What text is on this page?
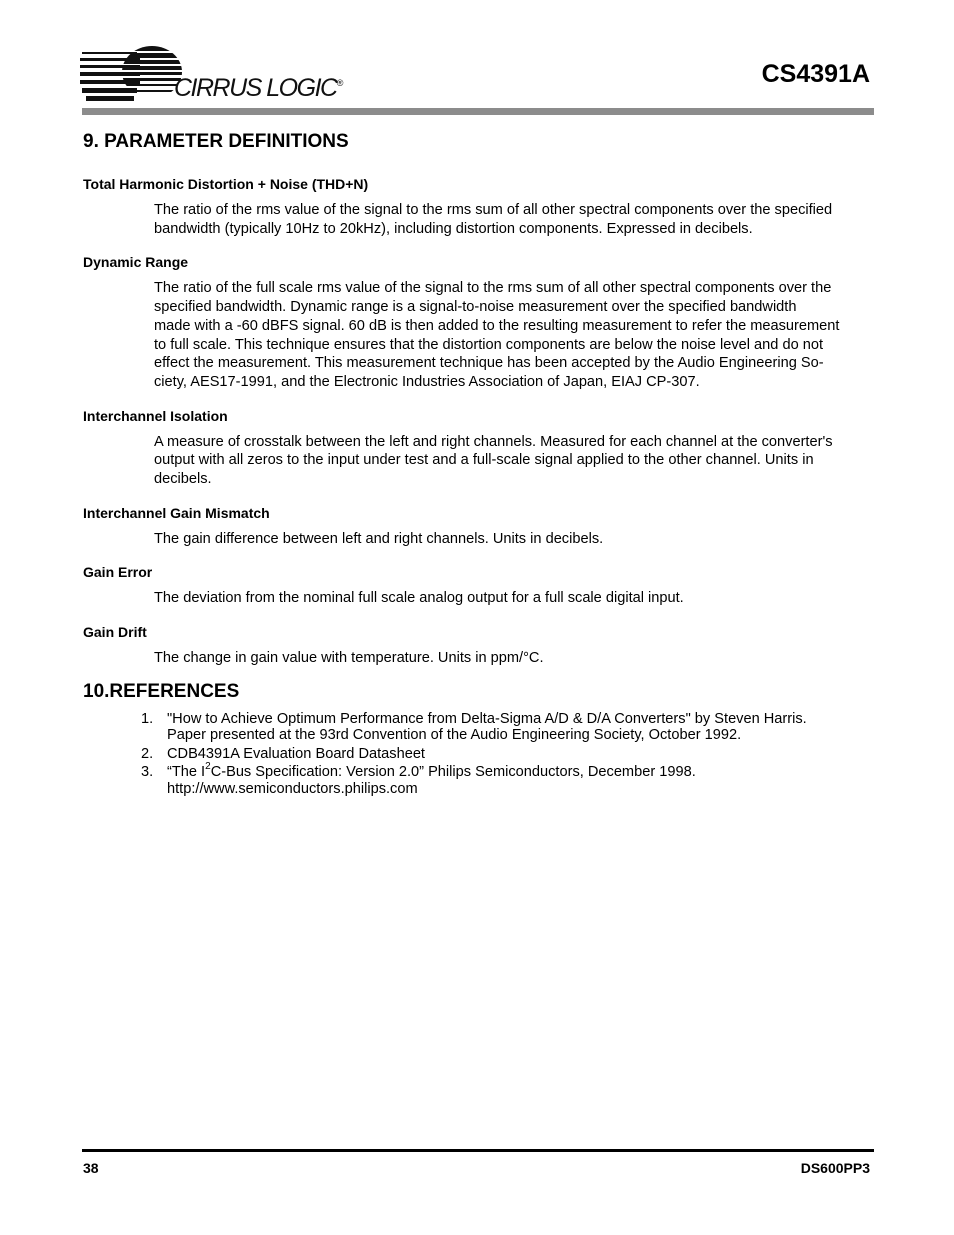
CIRRUS LOGIC®	CS4391A
9. PARAMETER DEFINITIONS
Total Harmonic Distortion + Noise (THD+N)
The ratio of the rms value of the signal to the rms sum of all other spectral components over the specified
bandwidth (typically 10Hz to 20kHz), including distortion components. Expressed in decibels.
Dynamic Range
The ratio of the full scale rms value of the signal to the rms sum of all other spectral components over the
specified bandwidth. Dynamic range is a signal-to-noise measurement over the specified bandwidth
made with a -60 dBFS signal. 60 dB is then added to the resulting measurement to refer the measurement
to full scale. This technique ensures that the distortion components are below the noise level and do not
effect the measurement. This measurement technique has been accepted by the Audio Engineering So-
ciety, AES17-1991, and the Electronic Industries Association of Japan, EIAJ CP-307.
Interchannel Isolation
A measure of crosstalk between the left and right channels. Measured for each channel at the converter's
output with all zeros to the input under test and a full-scale signal applied to the other channel. Units in
decibels.
Interchannel Gain Mismatch
The gain difference between left and right channels. Units in decibels.
Gain Error
The deviation from the nominal full scale analog output for a full scale digital input.
Gain Drift
The change in gain value with temperature. Units in ppm/°C.
10.REFERENCES
1. "How to Achieve Optimum Performance from Delta-Sigma A/D & D/A Converters" by Steven Harris.
Paper presented at the 93rd Convention of the Audio Engineering Society, October 1992.
2. CDB4391A Evaluation Board Datasheet
3. “The $I^2C$-Bus Specification: Version 2.0” Philips Semiconductors, December 1998.
http://www.semiconductors.philips.com
38	DS600PP3
